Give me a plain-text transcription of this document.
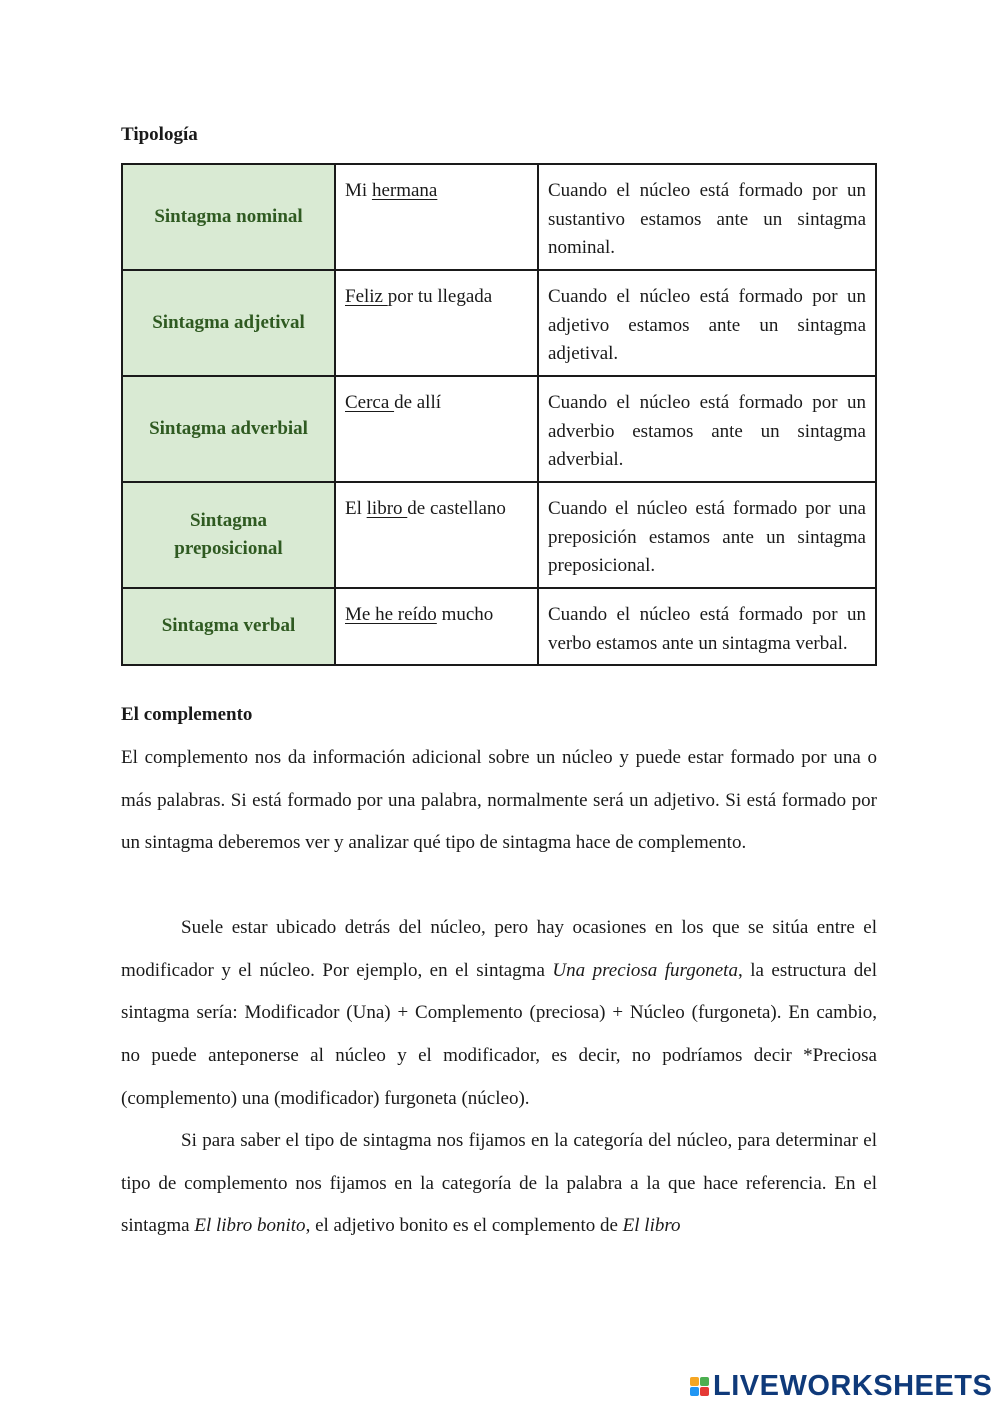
Tipología
Sintagma nominal	Mi hermana	Cuando el núcleo está formado por un sustantivo estamos ante un sintagma nominal.
Sintagma adjetival	Feliz por tu llegada	Cuando el núcleo está formado por un adjetivo estamos ante un sintagma adjetival.
Sintagma adverbial	Cerca de allí	Cuando el núcleo está formado por un adverbio estamos ante un sintagma adverbial.
Sintagma preposicional	El libro de castellano	Cuando el núcleo está formado por una preposición estamos ante un sintagma preposicional.
Sintagma verbal	Me he reído mucho	Cuando el núcleo está formado por un verbo estamos ante un sintagma verbal.
El complemento

El complemento nos da información adicional sobre un núcleo y puede estar formado por una o más palabras. Si está formado por una palabra, normalmente será un adjetivo. Si está formado por un sintagma deberemos ver y analizar qué tipo de sintagma hace de complemento.

Suele estar ubicado detrás del núcleo, pero hay ocasiones en los que se sitúa entre el modificador y el núcleo. Por ejemplo, en el sintagma Una preciosa furgoneta, la estructura del sintagma sería: Modificador (Una) + Complemento (preciosa) + Núcleo (furgoneta). En cambio, no puede anteponerse al núcleo y el modificador, es decir, no podríamos decir *Preciosa (complemento) una (modificador) furgoneta (núcleo).

Si para saber el tipo de sintagma nos fijamos en la categoría del núcleo, para determinar el tipo de complemento nos fijamos en la categoría de la palabra a la que hace referencia. En el sintagma El libro bonito, el adjetivo bonito es el complemento de El libro

LIVEWORKSHEETS
